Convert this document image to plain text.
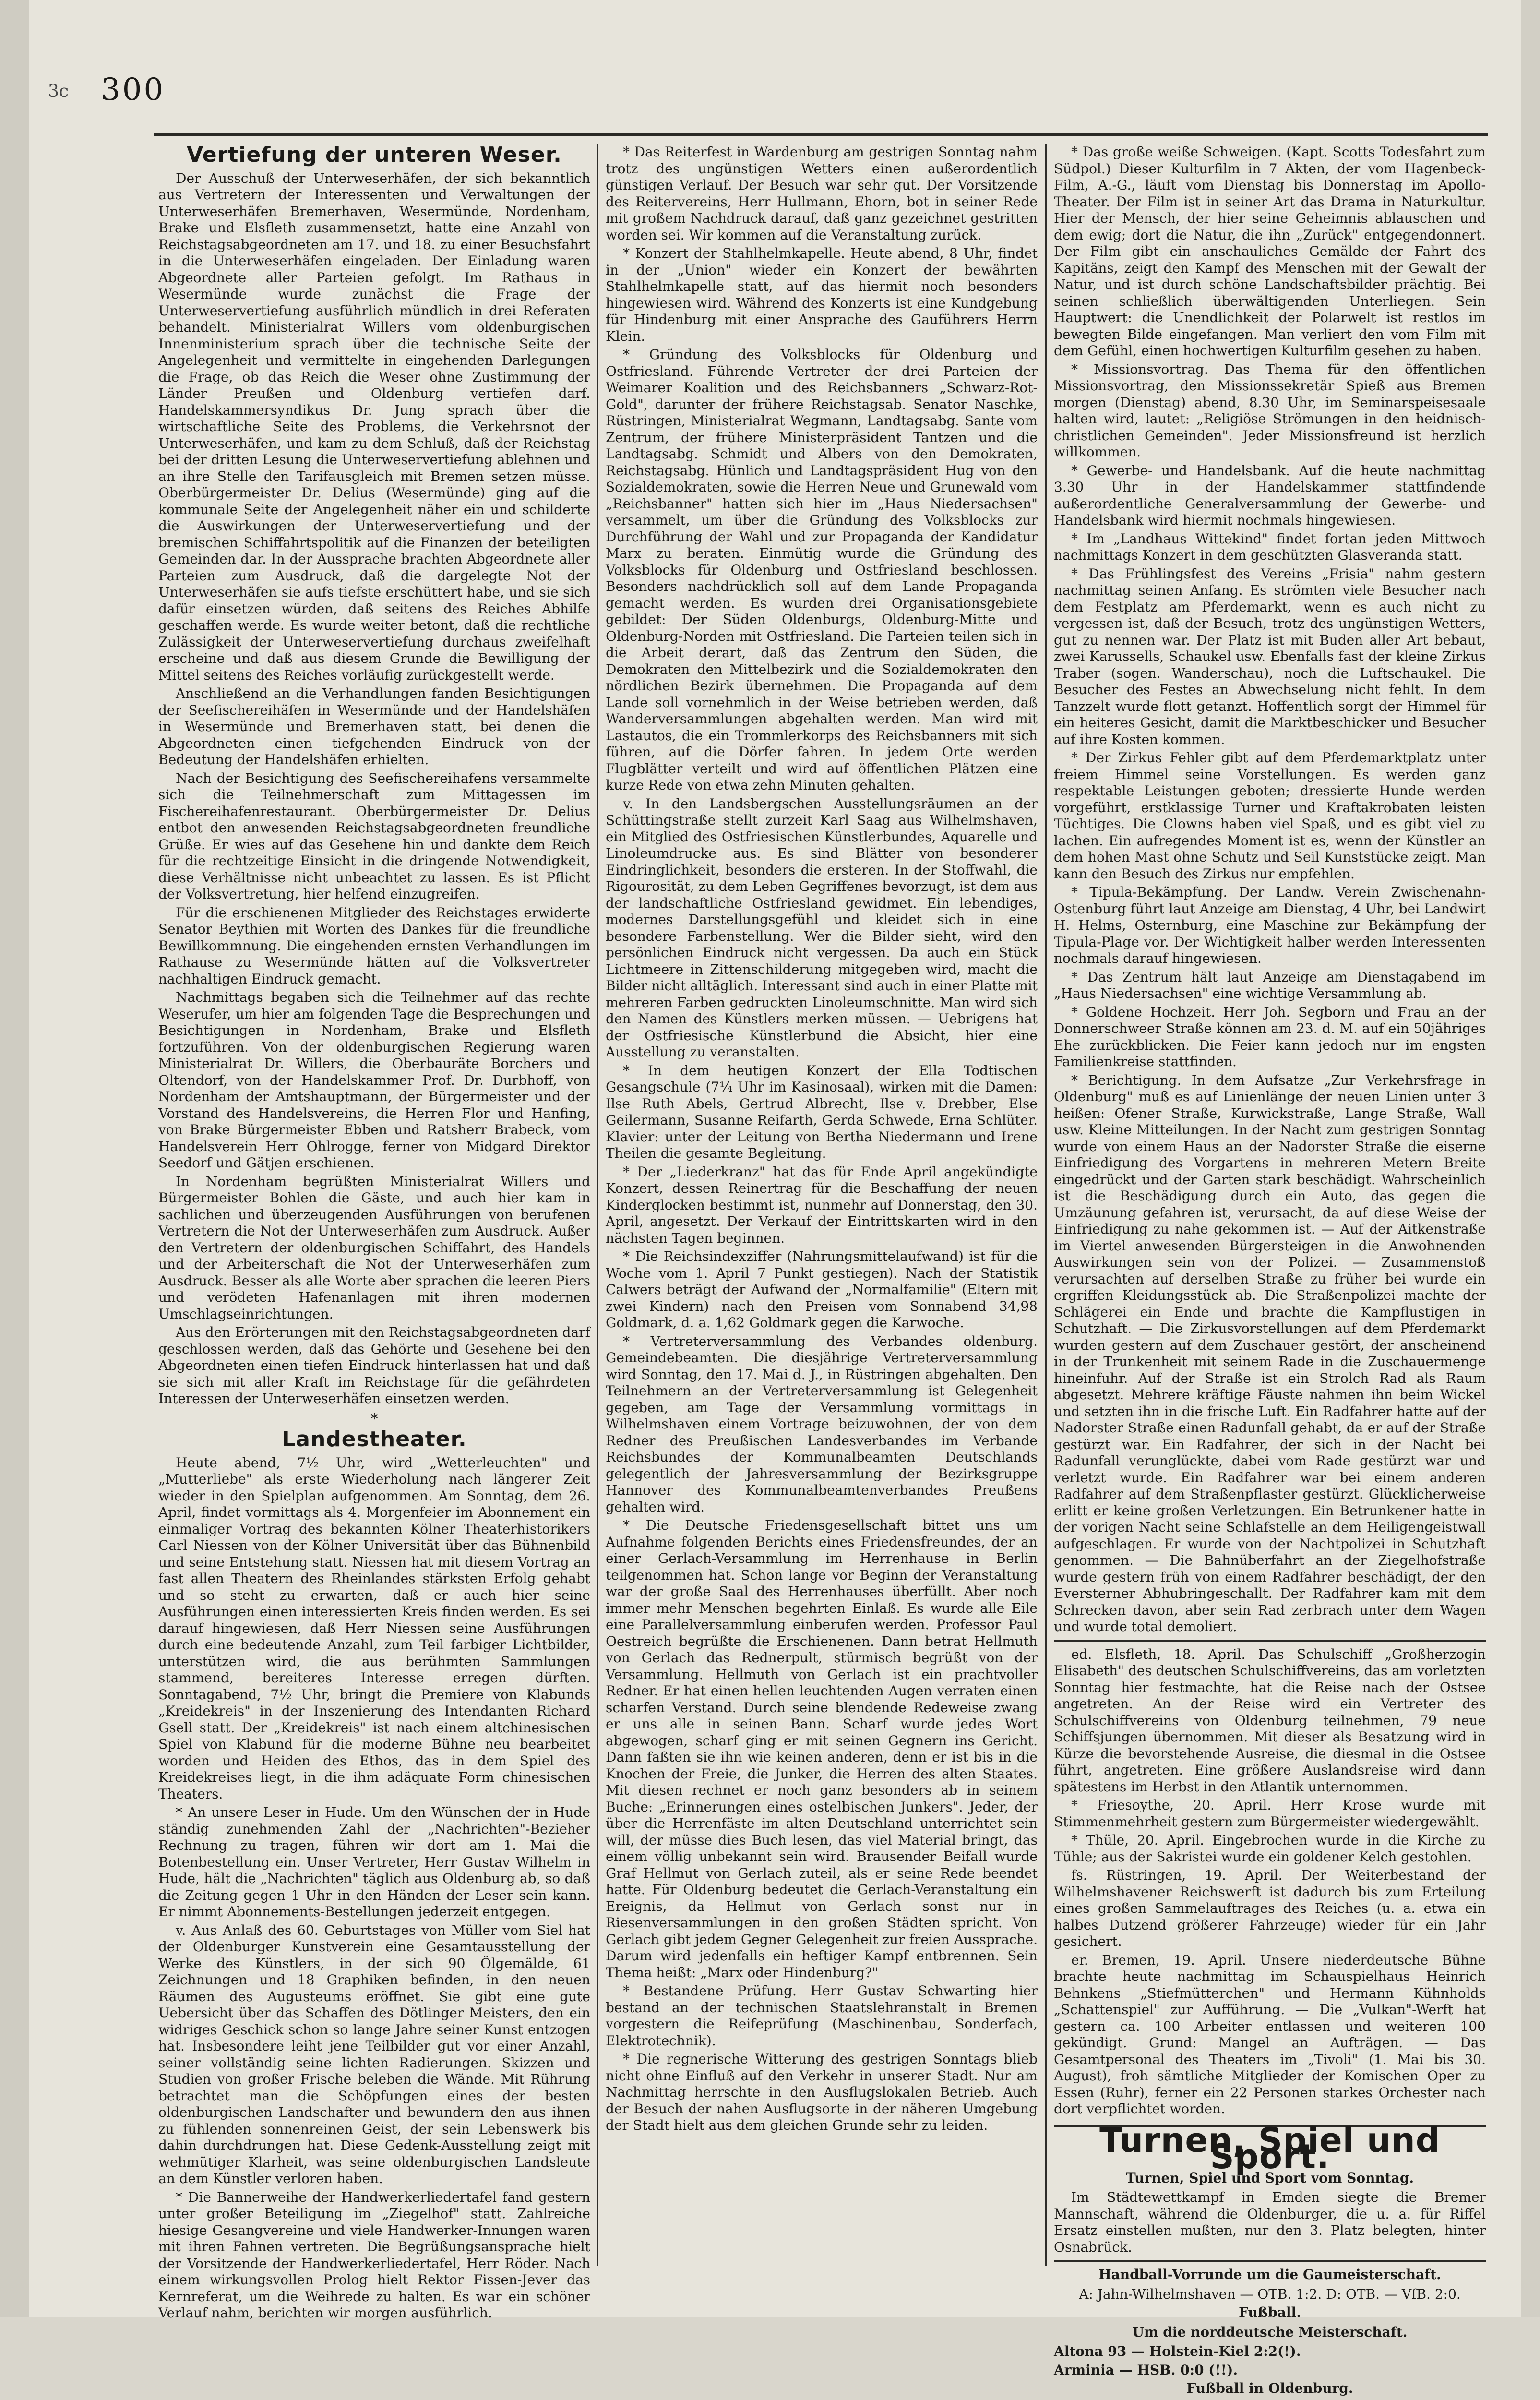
3c 300
Vertiefung der unteren Weser.

Der Ausschuß der Unterweserhäfen, der sich bekanntlich aus Vertretern der Interessenten und Verwaltungen der Unterweserhäfen Bremerhaven, Wesermünde, Nordenham, Brake und Elsfleth zusammensetzt, hatte eine Anzahl von Reichstagsabgeordneten am 17. und 18. zu einer Besuchsfahrt in die Unterweserhäfen eingeladen. Der Einladung waren Abgeordnete aller Parteien gefolgt. Im Rathaus in Wesermünde wurde zunächst die Frage der Unterweservertiefung ausführlich mündlich in drei Referaten behandelt. Ministerialrat Willers vom oldenburgischen Innenministerium sprach über die technische Seite der Angelegenheit und vermittelte in eingehenden Darlegungen die Frage, ob das Reich die Weser ohne Zustimmung der Länder Preußen und Oldenburg vertiefen darf. Handelskammersyndikus Dr. Jung sprach über die wirtschaftliche Seite des Problems, die Verkehrsnot der Unterweserhäfen, und kam zu dem Schluß, daß der Reichstag bei der dritten Lesung die Unterweservertiefung ablehnen und an ihre Stelle den Tarifausgleich mit Bremen setzen müsse. Oberbürgermeister Dr. Delius (Wesermünde) ging auf die kommunale Seite der Angelegenheit näher ein und schilderte die Auswirkungen der Unterweservertiefung und der bremischen Schiffahrtspolitik auf die Finanzen der beteiligten Gemeinden dar. In der Aussprache brachten Abgeordnete aller Parteien zum Ausdruck, daß die dargelegte Not der Unterweserhäfen sie aufs tiefste erschüttert habe, und sie sich dafür einsetzen würden, daß seitens des Reiches Abhilfe geschaffen werde. Es wurde weiter betont, daß die rechtliche Zulässigkeit der Unterweservertiefung durchaus zweifelhaft erscheine und daß aus diesem Grunde die Bewilligung der Mittel seitens des Reiches vorläufig zurückgestellt werde.

Anschließend an die Verhandlungen fanden Besichtigungen der Seefischereihäfen in Wesermünde und der Handelshäfen in Wesermünde und Bremerhaven statt, bei denen die Abgeordneten einen tiefgehenden Eindruck von der Bedeutung der Handelshäfen erhielten.

Nach der Besichtigung des Seefischereihafens versammelte sich die Teilnehmerschaft zum Mittagessen im Fischereihafenrestaurant. Oberbürgermeister Dr. Delius entbot den anwesenden Reichstagsabgeordneten freundliche Grüße. Er wies auf das Gesehene hin und dankte dem Reich für die rechtzeitige Einsicht in die dringende Notwendigkeit, diese Verhältnisse nicht unbeachtet zu lassen. Es ist Pflicht der Volksvertretung, hier helfend einzugreifen.

Für die erschienenen Mitglieder des Reichstages erwiderte Senator Beythien mit Worten des Dankes für die freundliche Bewillkommnung. Die eingehenden ernsten Verhandlungen im Rathause zu Wesermünde hätten auf die Volksvertreter nachhaltigen Eindruck gemacht.

Nachmittags begaben sich die Teilnehmer auf das rechte Weserufer, um hier am folgenden Tage die Besprechungen und Besichtigungen in Nordenham, Brake und Elsfleth fortzuführen. Von der oldenburgischen Regierung waren Ministerialrat Dr. Willers, die Oberbauräte Borchers und Oltendorf, von der Handelskammer Prof. Dr. Durbhoff, von Nordenham der Amtshauptmann, der Bürgermeister und der Vorstand des Handelsvereins, die Herren Flor und Hanfing, von Brake Bürgermeister Ebben und Ratsherr Brabeck, vom Handelsverein Herr Ohlrogge, ferner von Midgard Direktor Seedorf und Gätjen erschienen.

In Nordenham begrüßten Ministerialrat Willers und Bürgermeister Bohlen die Gäste, und auch hier kam in sachlichen und überzeugenden Ausführungen von berufenen Vertretern die Not der Unterweserhäfen zum Ausdruck. Außer den Vertretern der oldenburgischen Schiffahrt, des Handels und der Arbeiterschaft die Not der Unterweserhäfen zum Ausdruck. Besser als alle Worte aber sprachen die leeren Piers und verödeten Hafenanlagen mit ihren modernen Umschlagseinrichtungen.

Aus den Erörterungen mit den Reichstagsabgeordneten darf geschlossen werden, daß das Gehörte und Gesehene bei den Abgeordneten einen tiefen Eindruck hinterlassen hat und daß sie sich mit aller Kraft im Reichstage für die gefährdeten Interessen der Unterweserhäfen einsetzen werden.

*
Landestheater.

Heute abend, 7½ Uhr, wird „Wetterleuchten" und „Mutterliebe" als erste Wiederholung nach längerer Zeit wieder in den Spielplan aufgenommen. Am Sonntag, dem 26. April, findet vormittags als 4. Morgenfeier im Abonnement ein einmaliger Vortrag des bekannten Kölner Theaterhistorikers Carl Niessen von der Kölner Universität über das Bühnenbild und seine Entstehung statt. Niessen hat mit diesem Vortrag an fast allen Theatern des Rheinlandes stärksten Erfolg gehabt und so steht zu erwarten, daß er auch hier seine Ausführungen einen interessierten Kreis finden werden. Es sei darauf hingewiesen, daß Herr Niessen seine Ausführungen durch eine bedeutende Anzahl, zum Teil farbiger Lichtbilder, unterstützen wird, die aus berühmten Sammlungen stammend, bereiteres Interesse erregen dürften. Sonntagabend, 7½ Uhr, bringt die Premiere von Klabunds „Kreidekreis" in der Inszenierung des Intendanten Richard Gsell statt. Der „Kreidekreis" ist nach einem altchinesischen Spiel von Klabund für die moderne Bühne neu bearbeitet worden und Heiden des Ethos, das in dem Spiel des Kreidekreises liegt, in die ihm adäquate Form chinesischen Theaters.

* An unsere Leser in Hude. Um den Wünschen der in Hude ständig zunehmenden Zahl der „Nachrichten"-Bezieher Rechnung zu tragen, führen wir dort am 1. Mai die Botenbestellung ein. Unser Vertreter, Herr Gustav Wilhelm in Hude, hält die „Nachrichten" täglich aus Oldenburg ab, so daß die Zeitung gegen 1 Uhr in den Händen der Leser sein kann. Er nimmt Abonnements-Bestellungen jederzeit entgegen.

v. Aus Anlaß des 60. Geburtstages von Müller vom Siel hat der Oldenburger Kunstverein eine Gesamtausstellung der Werke des Künstlers, in der sich 90 Ölgemälde, 61 Zeichnungen und 18 Graphiken befinden, in den neuen Räumen des Augusteums eröffnet. Sie gibt eine gute Uebersicht über das Schaffen des Dötlinger Meisters, den ein widriges Geschick schon so lange Jahre seiner Kunst entzogen hat. Insbesondere leiht jene Teilbilder gut vor einer Anzahl, seiner vollständig seine lichten Radierungen. Skizzen und Studien von großer Frische beleben die Wände. Mit Rührung betrachtet man die Schöpfungen eines der besten oldenburgischen Landschafter und bewundern den aus ihnen zu fühlenden sonnenreinen Geist, der sein Lebenswerk bis dahin durchdrungen hat. Diese Gedenk-Ausstellung zeigt mit wehmütiger Klarheit, was seine oldenburgischen Landsleute an dem Künstler verloren haben.

* Die Bannerweihe der Handwerkerliedertafel fand gestern unter großer Beteiligung im „Ziegelhof" statt. Zahlreiche hiesige Gesangvereine und viele Handwerker-Innungen waren mit ihren Fahnen vertreten. Die Begrüßungsansprache hielt der Vorsitzende der Handwerkerliedertafel, Herr Röder. Nach einem wirkungsvollen Prolog hielt Rektor Fissen-Jever das Kernreferat, um die Weihrede zu halten. Es war ein schöner Verlauf nahm, berichten wir morgen ausführlich.

* Das Reiterfest in Wardenburg am gestrigen Sonntag nahm trotz des ungünstigen Wetters einen außerordentlich günstigen Verlauf. Der Besuch war sehr gut. Der Vorsitzende des Reitervereins, Herr Hullmann, Ehorn, bot in seiner Rede mit großem Nachdruck darauf, daß ganz gezeichnet gestritten worden sei. Wir kommen auf die Veranstaltung zurück.

* Konzert der Stahlhelmkapelle. Heute abend, 8 Uhr, findet in der „Union" wieder ein Konzert der bewährten Stahlhelmkapelle statt, auf das hiermit noch besonders hingewiesen wird. Während des Konzerts ist eine Kundgebung für Hindenburg mit einer Ansprache des Gauführers Herrn Klein.

* Gründung des Volksblocks für Oldenburg und Ostfriesland. Führende Vertreter der drei Parteien der Weimarer Koalition und des Reichsbanners „Schwarz-Rot-Gold", darunter der frühere Reichstagsab. Senator Naschke, Rüstringen, Ministerialrat Wegmann, Landtagsabg. Sante vom Zentrum, der frühere Ministerpräsident Tantzen und die Landtagsabg. Schmidt und Albers von den Demokraten, Reichstagsabg. Hünlich und Landtagspräsident Hug von den Sozialdemokraten, sowie die Herren Neue und Grunewald vom „Reichsbanner" hatten sich hier im „Haus Niedersachsen" versammelt, um über die Gründung des Volksblocks zur Durchführung der Wahl und zur Propaganda der Kandidatur Marx zu beraten. Einmütig wurde die Gründung des Volksblocks für Oldenburg und Ostfriesland beschlossen. Besonders nachdrücklich soll auf dem Lande Propaganda gemacht werden. Es wurden drei Organisationsgebiete gebildet: Der Süden Oldenburgs, Oldenburg-Mitte und Oldenburg-Norden mit Ostfriesland. Die Parteien teilen sich in die Arbeit derart, daß das Zentrum den Süden, die Demokraten den Mittelbezirk und die Sozialdemokraten den nördlichen Bezirk übernehmen. Die Propaganda auf dem Lande soll vornehmlich in der Weise betrieben werden, daß Wanderversammlungen abgehalten werden. Man wird mit Lastautos, die ein Trommlerkorps des Reichsbanners mit sich führen, auf die Dörfer fahren. In jedem Orte werden Flugblätter verteilt und wird auf öffentlichen Plätzen eine kurze Rede von etwa zehn Minuten gehalten.

v. In den Landsbergschen Ausstellungsräumen an der Schüttingstraße stellt zurzeit Karl Saag aus Wilhelmshaven, ein Mitglied des Ostfriesischen Künstlerbundes, Aquarelle und Linoleumdrucke aus. Es sind Blätter von besonderer Eindringlichkeit, besonders die ersteren. In der Stoffwahl, die Rigourosität, zu dem Leben Gegriffenes bevorzugt, ist dem aus der landschaftliche Ostfriesland gewidmet. Ein lebendiges, modernes Darstellungsgefühl und kleidet sich in eine besondere Farbenstellung. Wer die Bilder sieht, wird den persönlichen Eindruck nicht vergessen. Da auch ein Stück Lichtmeere in Zittenschilderung mitgegeben wird, macht die Bilder nicht alltäglich. Interessant sind auch in einer Platte mit mehreren Farben gedruckten Linoleumschnitte. Man wird sich den Namen des Künstlers merken müssen. — Uebrigens hat der Ostfriesische Künstlerbund die Absicht, hier eine Ausstellung zu veranstalten.

* In dem heutigen Konzert der Ella Todtischen Gesangschule (7¼ Uhr im Kasinosaal), wirken mit die Damen: Ilse Ruth Abels, Gertrud Albrecht, Ilse v. Drebber, Else Geilermann, Susanne Reifarth, Gerda Schwede, Erna Schlüter. Klavier: unter der Leitung von Bertha Niedermann und Irene Theilen die gesamte Begleitung.

* Der „Liederkranz" hat das für Ende April angekündigte Konzert, dessen Reinertrag für die Beschaffung der neuen Kinderglocken bestimmt ist, nunmehr auf Donnerstag, den 30. April, angesetzt. Der Verkauf der Eintrittskarten wird in den nächsten Tagen beginnen.

* Die Reichsindexziffer (Nahrungsmittelaufwand) ist für die Woche vom 1. April 7 Punkt gestiegen). Nach der Statistik Calwers beträgt der Aufwand der „Normalfamilie" (Eltern mit zwei Kindern) nach den Preisen vom Sonnabend 34,98 Goldmark, d. a. 1,62 Goldmark gegen die Karwoche.

* Vertreterversammlung des Verbandes oldenburg. Gemeindebeamten. Die diesjährige Vertreterversammlung wird Sonntag, den 17. Mai d. J., in Rüstringen abgehalten. Den Teilnehmern an der Vertreterversammlung ist Gelegenheit gegeben, am Tage der Versammlung vormittags in Wilhelmshaven einem Vortrage beizuwohnen, der von dem Redner des Preußischen Landesverbandes im Verbande Reichsbundes der Kommunalbeamten Deutschlands gelegentlich der Jahresversammlung der Bezirksgruppe Hannover des Kommunalbeamtenverbandes Preußens gehalten wird.

* Die Deutsche Friedensgesellschaft bittet uns um Aufnahme folgenden Berichts eines Friedensfreundes, der an einer Gerlach-Versammlung im Herrenhause in Berlin teilgenommen hat. Schon lange vor Beginn der Veranstaltung war der große Saal des Herrenhauses überfüllt. Aber noch immer mehr Menschen begehrten Einlaß. Es wurde alle Eile eine Parallelversammlung einberufen werden. Professor Paul Oestreich begrüßte die Erschienenen. Dann betrat Hellmuth von Gerlach das Rednerpult, stürmisch begrüßt von der Versammlung. Hellmuth von Gerlach ist ein prachtvoller Redner. Er hat einen hellen leuchtenden Augen verraten einen scharfen Verstand. Durch seine blendende Redeweise zwang er uns alle in seinen Bann. Scharf wurde jedes Wort abgewogen, scharf ging er mit seinen Gegnern ins Gericht. Dann faßten sie ihn wie keinen anderen, denn er ist bis in die Knochen der Freie, die Junker, die Herren des alten Staates. Mit diesen rechnet er noch ganz besonders ab in seinem Buche: „Erinnerungen eines ostelbischen Junkers". Jeder, der über die Herrenfäste im alten Deutschland unterrichtet sein will, der müsse dies Buch lesen, das viel Material bringt, das einem völlig unbekannt sein wird. Brausender Beifall wurde Graf Hellmut von Gerlach zuteil, als er seine Rede beendet hatte. Für Oldenburg bedeutet die Gerlach-Veranstaltung ein Ereignis, da Hellmut von Gerlach sonst nur in Riesenversammlungen in den großen Städten spricht. Von Gerlach gibt jedem Gegner Gelegenheit zur freien Aussprache. Darum wird jedenfalls ein heftiger Kampf entbrennen. Sein Thema heißt: „Marx oder Hindenburg?"

* Bestandene Prüfung. Herr Gustav Schwarting hier bestand an der technischen Staatslehranstalt in Bremen vorgestern die Reifeprüfung (Maschinenbau, Sonderfach, Elektrotechnik).

* Die regnerische Witterung des gestrigen Sonntags blieb nicht ohne Einfluß auf den Verkehr in unserer Stadt. Nur am Nachmittag herrschte in den Ausflugslokalen Betrieb. Auch der Besuch der nahen Ausflugsorte in der näheren Umgebung der Stadt hielt aus dem gleichen Grunde sehr zu leiden.

* Das große weiße Schweigen. (Kapt. Scotts Todesfahrt zum Südpol.) Dieser Kulturfilm in 7 Akten, der vom Hagenbeck-Film, A.-G., läuft vom Dienstag bis Donnerstag im Apollo-Theater. Der Film ist in seiner Art das Drama in Naturkultur. Hier der Mensch, der hier seine Geheimnis ablauschen und dem ewig; dort die Natur, die ihn „Zurück" entgegendonnert. Der Film gibt ein anschauliches Gemälde der Fahrt des Kapitäns, zeigt den Kampf des Menschen mit der Gewalt der Natur, und ist durch schöne Landschaftsbilder prächtig. Bei seinen schließlich überwältigenden Unterliegen. Sein Hauptwert: die Unendlichkeit der Polarwelt ist restlos im bewegten Bilde eingefangen. Man verliert den vom Film mit dem Gefühl, einen hochwertigen Kulturfilm gesehen zu haben.

* Missionsvortrag. Das Thema für den öffentlichen Missionsvortrag, den Missionssekretär Spieß aus Bremen morgen (Dienstag) abend, 8.30 Uhr, im Seminarspeisesaale halten wird, lautet: „Religiöse Strömungen in den heidnisch-christlichen Gemeinden". Jeder Missionsfreund ist herzlich willkommen.

* Gewerbe- und Handelsbank. Auf die heute nachmittag 3.30 Uhr in der Handelskammer stattfindende außerordentliche Generalversammlung der Gewerbe- und Handelsbank wird hiermit nochmals hingewiesen.

* Im „Landhaus Wittekind" findet fortan jeden Mittwoch nachmittags Konzert in dem geschützten Glasveranda statt.

* Das Frühlingsfest des Vereins „Frisia" nahm gestern nachmittag seinen Anfang. Es strömten viele Besucher nach dem Festplatz am Pferdemarkt, wenn es auch nicht zu vergessen ist, daß der Besuch, trotz des ungünstigen Wetters, gut zu nennen war. Der Platz ist mit Buden aller Art bebaut, zwei Karussells, Schaukel usw. Ebenfalls fast der kleine Zirkus Traber (sogen. Wanderschau), noch die Luftschaukel. Die Besucher des Festes an Abwechselung nicht fehlt. In dem Tanzzelt wurde flott getanzt. Hoffentlich sorgt der Himmel für ein heiteres Gesicht, damit die Marktbeschicker und Besucher auf ihre Kosten kommen.

* Der Zirkus Fehler gibt auf dem Pferdemarktplatz unter freiem Himmel seine Vorstellungen. Es werden ganz respektable Leistungen geboten; dressierte Hunde werden vorgeführt, erstklassige Turner und Kraftakrobaten leisten Tüchtiges. Die Clowns haben viel Spaß, und es gibt viel zu lachen. Ein aufregendes Moment ist es, wenn der Künstler an dem hohen Mast ohne Schutz und Seil Kunststücke zeigt. Man kann den Besuch des Zirkus nur empfehlen.

* Tipula-Bekämpfung. Der Landw. Verein Zwischenahn-Ostenburg führt laut Anzeige am Dienstag, 4 Uhr, bei Landwirt H. Helms, Osternburg, eine Maschine zur Bekämpfung der Tipula-Plage vor. Der Wichtigkeit halber werden Interessenten nochmals darauf hingewiesen.

* Das Zentrum hält laut Anzeige am Dienstagabend im „Haus Niedersachsen" eine wichtige Versammlung ab.

* Goldene Hochzeit. Herr Joh. Segborn und Frau an der Donnerschweer Straße können am 23. d. M. auf ein 50jähriges Ehe zurückblicken. Die Feier kann jedoch nur im engsten Familienkreise stattfinden.

* Berichtigung. In dem Aufsatze „Zur Verkehrsfrage in Oldenburg" muß es auf Linienlänge der neuen Linien unter 3 heißen: Ofener Straße, Kurwickstraße, Lange Straße, Wall usw. Kleine Mitteilungen. In der Nacht zum gestrigen Sonntag wurde von einem Haus an der Nadorster Straße die eiserne Einfriedigung des Vorgartens in mehreren Metern Breite eingedrückt und der Garten stark beschädigt. Wahrscheinlich ist die Beschädigung durch ein Auto, das gegen die Umzäunung gefahren ist, verursacht, da auf diese Weise der Einfriedigung zu nahe gekommen ist. — Auf der Aitkenstraße im Viertel anwesenden Bürgersteigen in die Anwohnenden Auswirkungen sein von der Polizei. — Zusammenstoß verursachten auf derselben Straße zu früher bei wurde ein ergriffen Kleidungsstück ab. Die Straßenpolizei machte der Schlägerei ein Ende und brachte die Kampflustigen in Schutzhaft. — Die Zirkusvorstellungen auf dem Pferdemarkt wurden gestern auf dem Zuschauer gestört, der anscheinend in der Trunkenheit mit seinem Rade in die Zuschauermenge hineinfuhr. Auf der Straße ist ein Strolch Rad als Raum abgesetzt. Mehrere kräftige Fäuste nahmen ihn beim Wickel und setzten ihn in die frische Luft. Ein Radfahrer hatte auf der Nadorster Straße einen Radunfall gehabt, da er auf der Straße gestürzt war. Ein Radfahrer, der sich in der Nacht bei Radunfall verunglückte, dabei vom Rade gestürzt war und verletzt wurde. Ein Radfahrer war bei einem anderen Radfahrer auf dem Straßenpflaster gestürzt. Glücklicherweise erlitt er keine großen Verletzungen. Ein Betrunkener hatte in der vorigen Nacht seine Schlafstelle an dem Heiligengeistwall aufgeschlagen. Er wurde von der Nachtpolizei in Schutzhaft genommen. — Die Bahnüberfahrt an der Ziegelhofstraße wurde gestern früh von einem Radfahrer beschädigt, der den Eversterner Abhubringeschallt. Der Radfahrer kam mit dem Schrecken davon, aber sein Rad zerbrach unter dem Wagen und wurde total demoliert.

ed. Elsfleth, 18. April. Das Schulschiff „Großherzogin Elisabeth" des deutschen Schulschiffvereins, das am vorletzten Sonntag hier festmachte, hat die Reise nach der Ostsee angetreten. An der Reise wird ein Vertreter des Schulschiffvereins von Oldenburg teilnehmen, 79 neue Schiffsjungen übernommen. Mit dieser als Besatzung wird in Kürze die bevorstehende Ausreise, die diesmal in die Ostsee führt, angetreten. Eine größere Auslandsreise wird dann spätestens im Herbst in den Atlantik unternommen.

* Friesoythe, 20. April. Herr Krose wurde mit Stimmenmehrheit gestern zum Bürgermeister wiedergewählt.

* Thüle, 20. April. Eingebrochen wurde in die Kirche zu Tühle; aus der Sakristei wurde ein goldener Kelch gestohlen.

fs. Rüstringen, 19. April. Der Weiterbestand der Wilhelmshavener Reichswerft ist dadurch bis zum Erteilung eines großen Sammelauftrages des Reiches (u. a. etwa ein halbes Dutzend größerer Fahrzeuge) wieder für ein Jahr gesichert.

er. Bremen, 19. April. Unsere niederdeutsche Bühne brachte heute nachmittag im Schauspielhaus Heinrich Behnkens „Stiefmütterchen" und Hermann Kühnholds „Schattenspiel" zur Aufführung. — Die „Vulkan"-Werft hat gestern ca. 100 Arbeiter entlassen und weiteren 100 gekündigt. Grund: Mangel an Aufträgen. — Das Gesamtpersonal des Theaters im „Tivoli" (1. Mai bis 30. August), froh sämtliche Mitglieder der Komischen Oper zu Essen (Ruhr), ferner ein 22 Personen starkes Orchester nach dort verpflichtet worden.

Turnen, Spiel und Sport.
Turnen, Spiel und Sport vom Sonntag.

Im Städtewettkampf in Emden siegte die Bremer Mannschaft, während die Oldenburger, die u. a. für Riffel Ersatz einstellen mußten, nur den 3. Platz belegten, hinter Osnabrück.

Handball-Vorrunde um die Gaumeisterschaft.

A: Jahn-Wilhelmshaven — OTB. 1:2. D: OTB. — VfB. 2:0.

Fußball.
Um die norddeutsche Meisterschaft.

Altona 93 — Holstein-Kiel 2:2(!).

Arminia — HSB. 0:0 (!!).

Fußball in Oldenburg.
